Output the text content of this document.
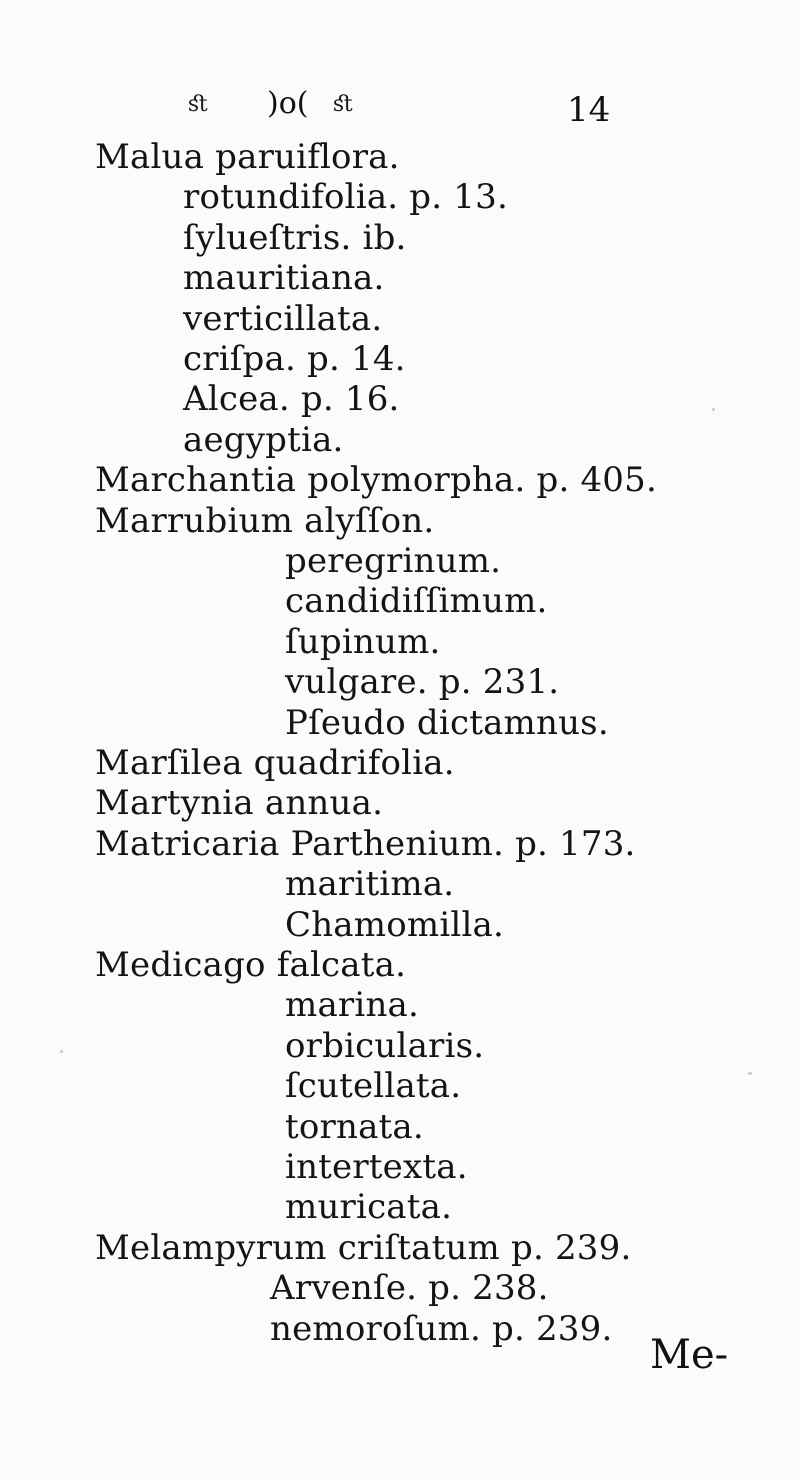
ﬆ )o( ﬆ	14
Malua paruiflora.
rotundifolia. p. 13.
ſylueſtris. ib.
mauritiana.
verticillata.
criſpa. p. 14.
Alcea. p. 16.
aegyptia.
Marchantia polymorpha. p. 405.
Marrubium alyſſon.
peregrinum.
candidiſſimum.
ſupinum.
vulgare. p. 231.
Pſeudo dictamnus.
Marſilea quadrifolia.
Martynia annua.
Matricaria Parthenium. p. 173.
maritima.
Chamomilla.
Medicago falcata.
marina.
orbicularis.
ſcutellata.
tornata.
intertexta.
muricata.
Melampyrum criſtatum p. 239.
Arvenſe. p. 238.
nemoroſum. p. 239.
Me-
